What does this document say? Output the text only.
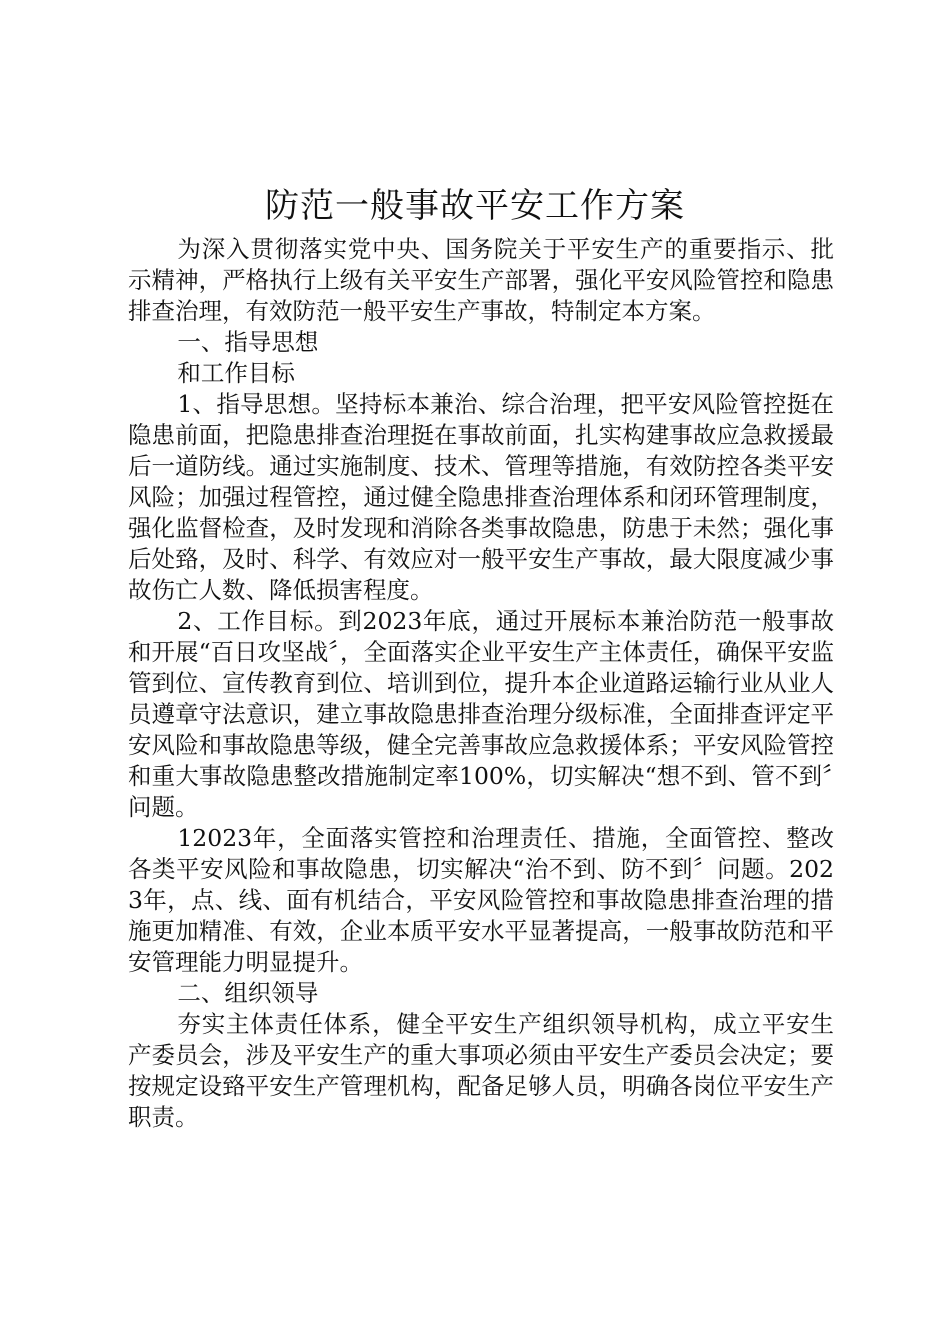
防范一般事故平安工作方案

为深入贯彻落实党中央、国务院关于平安生产的重要指示、批示精神，严格执行上级有关平安生产部署，强化平安风险管控和隐患排查治理，有效防范一般平安生产事故，特制定本方案。

一、指导思想

和工作目标

1、指导思想。坚持标本兼治、综合治理，把平安风险管控挺在隐患前面，把隐患排查治理挺在事故前面，扎实构建事故应急救援最后一道防线。通过实施制度、技术、管理等措施，有效防控各类平安风险；加强过程管控，通过健全隐患排查治理体系和闭环管理制度，强化监督检查，及时发现和消除各类事故隐患，防患于未然；强化事后处臵，及时、科学、有效应对一般平安生产事故，最大限度减少事故伤亡人数、降低损害程度。

2、工作目标。到2023年底，通过开展标本兼治防范一般事故和开展“百日攻坚战〞，全面落实企业平安生产主体责任，确保平安监管到位、宣传教育到位、培训到位，提升本企业道路运输行业从业人员遵章守法意识，建立事故隐患排查治理分级标准，全面排查评定平安风险和事故隐患等级，健全完善事故应急救援体系；平安风险管控和重大事故隐患整改措施制定率100%，切实解决“想不到、管不到〞问题。

12023年，全面落实管控和治理责任、措施，全面管控、整改各类平安风险和事故隐患，切实解决“治不到、防不到〞问题。2023年，点、线、面有机结合，平安风险管控和事故隐患排查治理的措施更加精准、有效，企业本质平安水平显著提高，一般事故防范和平安管理能力明显提升。

二、组织领导

夯实主体责任体系，健全平安生产组织领导机构，成立平安生产委员会，涉及平安生产的重大事项必须由平安生产委员会决定；要按规定设臵平安生产管理机构，配备足够人员，明确各岗位平安生产职责。
